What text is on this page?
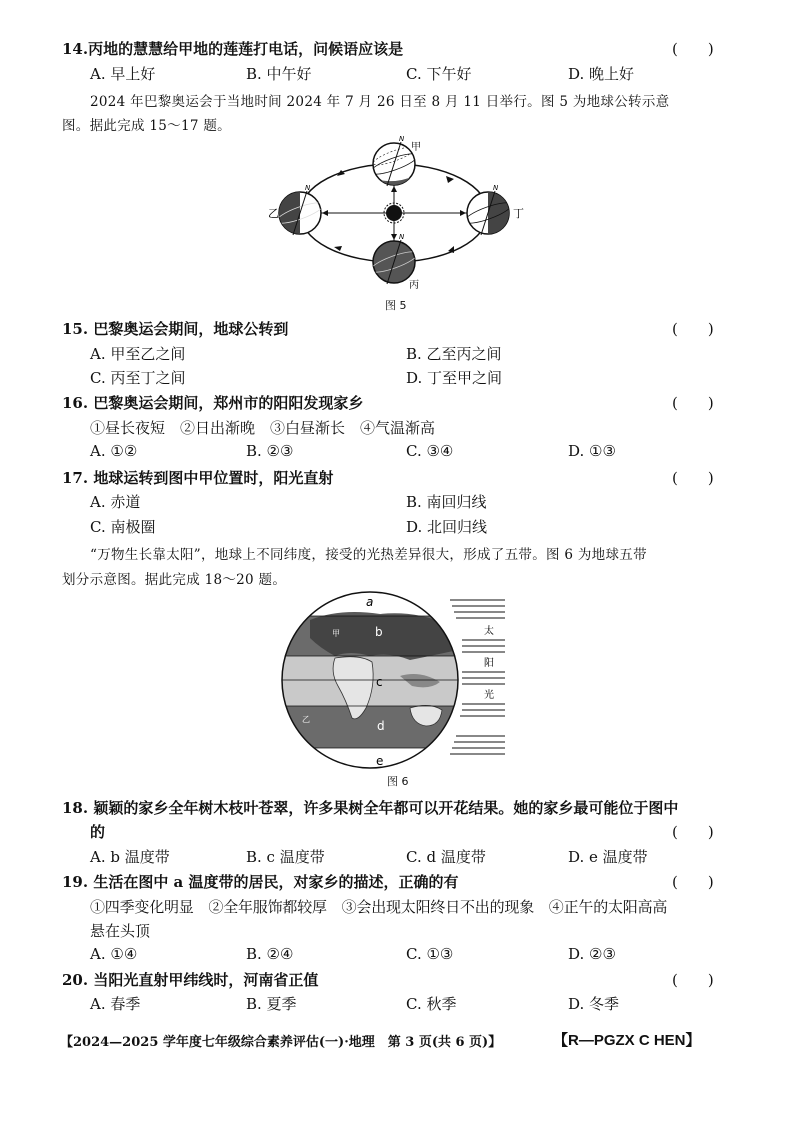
14.丙地的慧慧给甲地的莲莲打电话，问候语应该是	(　　)
A. 早上好	B. 中午好	C. 下午好	D. 晚上好
2024 年巴黎奥运会于当地时间 2024 年 7 月 26 日至 8 月 11 日举行。图 5 为地球公转示意
图。据此完成 15～17 题。
甲
乙	丁
丙
N
N	N
N
图 5
15. 巴黎奥运会期间，地球公转到	(　　)
A. 甲至乙之间	B. 乙至丙之间
C. 丙至丁之间	D. 丁至甲之间
16. 巴黎奥运会期间，郑州市的阳阳发现家乡	(　　)
①昼长夜短　②日出渐晚　③白昼渐长　④气温渐高
A. ①②	B. ②③	C. ③④	D. ①③
17. 地球运转到图中甲位置时，阳光直射	(　　)
A. 赤道	B. 南回归线
C. 南极圈	D. 北回归线
“万物生长靠太阳”，地球上不同纬度，接受的光热差异很大，形成了五带。图 6 为地球五带
划分示意图。据此完成 18～20 题。
a
b
c
d
e
甲
乙
太
阳
光
图 6
18. 颖颖的家乡全年树木枝叶苍翠，许多果树全年都可以开花结果。她的家乡最可能位于图中
的	(　　)
A. b 温度带	B. c 温度带	C. d 温度带	D. e 温度带
19. 生活在图中 a 温度带的居民，对家乡的描述，正确的有	(　　)
①四季变化明显　②全年服饰都较厚　③会出现太阳终日不出的现象　④正午的太阳高高
悬在头顶
A. ①④	B. ②④	C. ①③	D. ②③
20. 当阳光直射甲纬线时，河南省正值	(　　)
A. 春季	B. 夏季	C. 秋季	D. 冬季
【2024—2025 学年度七年级综合素养评估(一)·地理　第 3 页(共 6 页)】	【R—PGZX C HEN】
